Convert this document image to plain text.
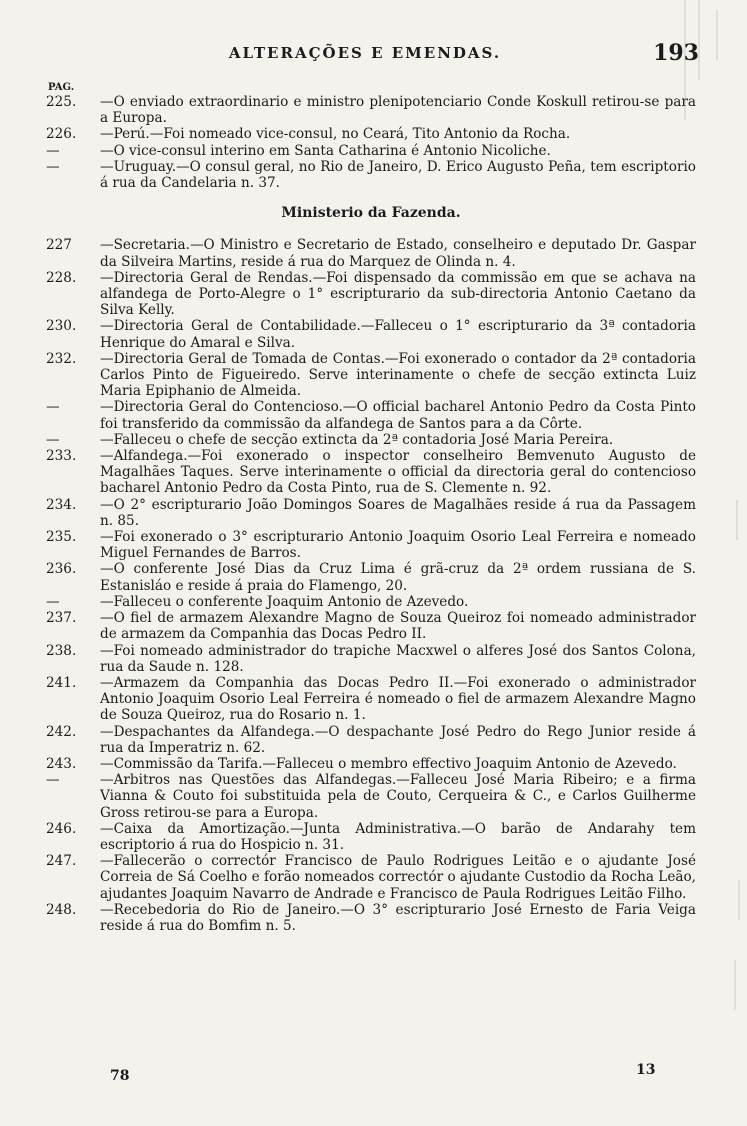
ALTERAÇÕES E EMENDAS.	193
PAG.
225.	—O enviado extraordinario e ministro plenipotenciario Conde Koskull retirou-se para a Europa.
226.	—Perú.—Foi nomeado vice-consul, no Ceará, Tito Antonio da Rocha.
—	—O vice-consul interino em Santa Catharina é Antonio Nicoliche.
—	—Uruguay.—O consul geral, no Rio de Janeiro, D. Erico Augusto Peña, tem escriptorio á rua da Candelaria n. 37.
Ministerio da Fazenda.
227	—Secretaria.—O Ministro e Secretario de Estado, conselheiro e deputado Dr. Gaspar da Silveira Martins, reside á rua do Marquez de Olinda n. 4.
228.	—Directoria Geral de Rendas.—Foi dispensado da commissão em que se achava na alfandega de Porto-Alegre o 1° escripturario da sub-directoria Antonio Caetano da Silva Kelly.
230.	—Directoria Geral de Contabilidade.—Falleceu o 1° escripturario da 3ª contadoria Henrique do Amaral e Silva.
232.	—Directoria Geral de Tomada de Contas.—Foi exonerado o contador da 2ª contadoria Carlos Pinto de Figueiredo. Serve interinamente o chefe de secção extincta Luiz Maria Epiphanio de Almeida.
—	—Directoria Geral do Contencioso.—O official bacharel Antonio Pedro da Costa Pinto foi transferido da commissão da alfandega de Santos para a da Côrte.
—	—Falleceu o chefe de secção extincta da 2ª contadoria José Maria Pereira.
233.	—Alfandega.—Foi exonerado o inspector conselheiro Bemvenuto Augusto de Magalhães Taques. Serve interinamente o official da directoria geral do contencioso bacharel Antonio Pedro da Costa Pinto, rua de S. Clemente n. 92.
234.	—O 2° escripturario João Domingos Soares de Magalhães reside á rua da Passagem n. 85.
235.	—Foi exonerado o 3° escripturario Antonio Joaquim Osorio Leal Ferreira e nomeado Miguel Fernandes de Barros.
236.	—O conferente José Dias da Cruz Lima é grã-cruz da 2ª ordem russiana de S. Estanisláo e reside á praia do Flamengo, 20.
—	—Falleceu o conferente Joaquim Antonio de Azevedo.
237.	—O fiel de armazem Alexandre Magno de Souza Queiroz foi nomeado administrador de armazem da Companhia das Docas Pedro II.
238.	—Foi nomeado administrador do trapiche Macxwel o alferes José dos Santos Colona, rua da Saude n. 128.
241.	—Armazem da Companhia das Docas Pedro II.—Foi exonerado o administrador Antonio Joaquim Osorio Leal Ferreira é nomeado o fiel de armazem Alexandre Magno de Souza Queiroz, rua do Rosario n. 1.
242.	—Despachantes da Alfandega.—O despachante José Pedro do Rego Junior reside á rua da Imperatriz n. 62.
243.	—Commissão da Tarifa.—Falleceu o membro effectivo Joaquim Antonio de Azevedo.
—	—Arbitros nas Questões das Alfandegas.—Falleceu José Maria Ribeiro; e a firma Vianna & Couto foi substituida pela de Couto, Cerqueira & C., e Carlos Guilherme Gross retirou-se para a Europa.
246.	—Caixa da Amortização.—Junta Administrativa.—O barão de Andarahy tem escriptorio á rua do Hospicio n. 31.
247.	—Fallecerão o correctór Francisco de Paulo Rodrigues Leitão e o ajudante José Correia de Sá Coelho e forão nomeados correctór o ajudante Custodio da Rocha Leão, ajudantes Joaquim Navarro de Andrade e Francisco de Paula Rodrigues Leitão Filho.
248.	—Recebedoria do Rio de Janeiro.—O 3° escripturario José Ernesto de Faria Veiga reside á rua do Bomfim n. 5.
78	13
